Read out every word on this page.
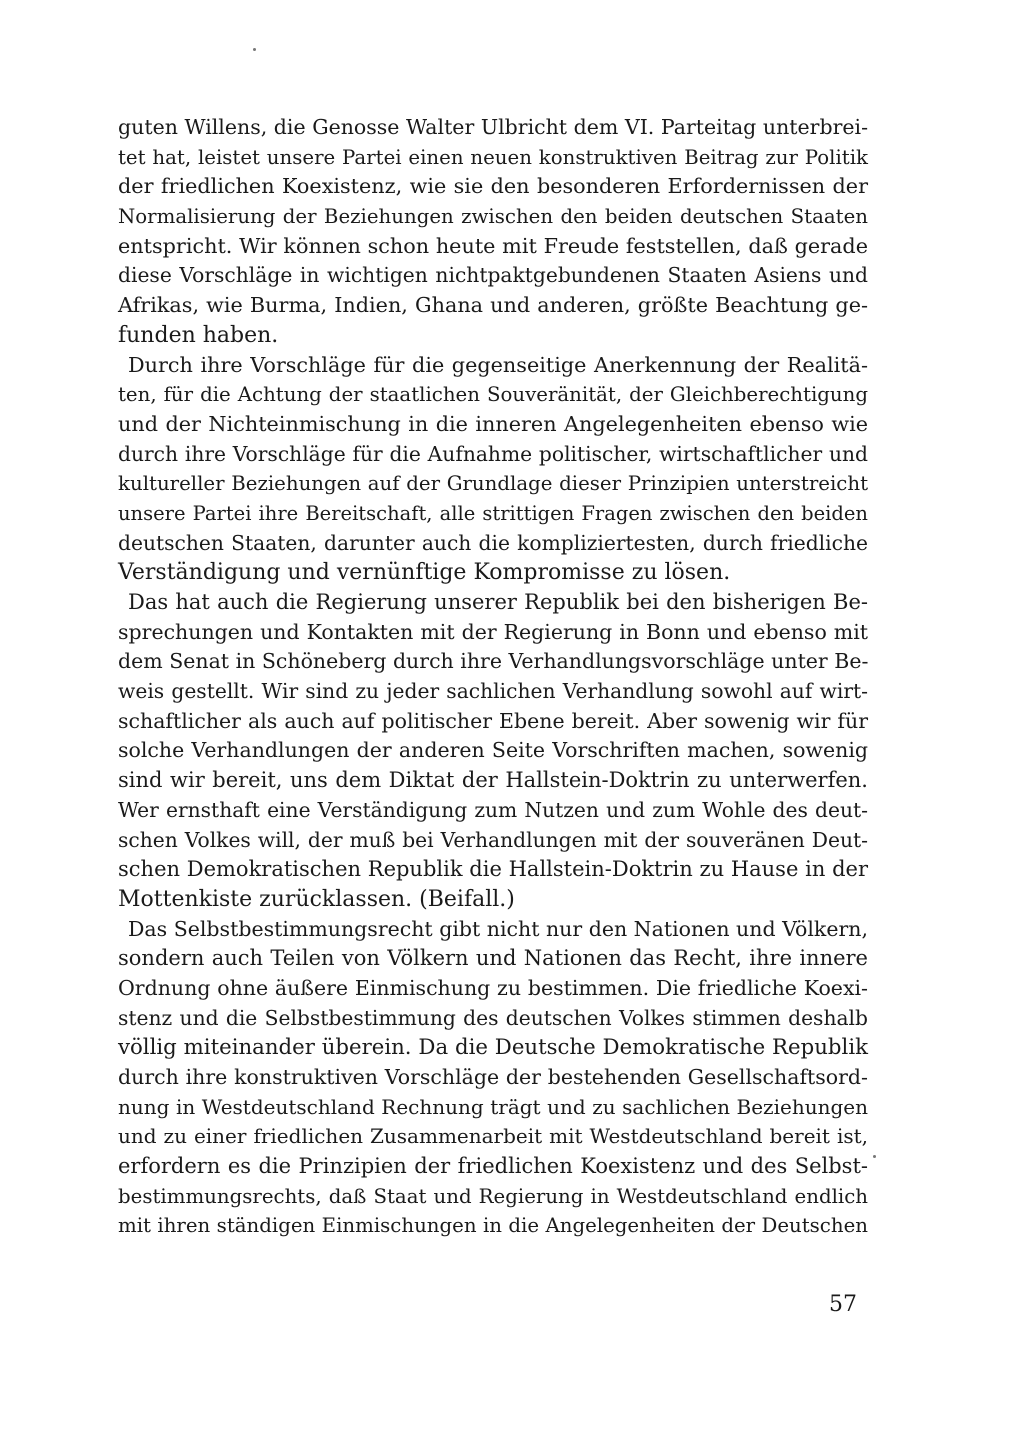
guten Willens, die Genosse Walter Ulbricht dem VI. Parteitag unterbrei-
tet hat, leistet unsere Partei einen neuen konstruktiven Beitrag zur Politik
der friedlichen Koexistenz, wie sie den besonderen Erfordernissen der
Normalisierung der Beziehungen zwischen den beiden deutschen Staaten
entspricht. Wir können schon heute mit Freude feststellen, daß gerade
diese Vorschläge in wichtigen nichtpaktgebundenen Staaten Asiens und
Afrikas, wie Burma, Indien, Ghana und anderen, größte Beachtung ge-
funden haben.
Durch ihre Vorschläge für die gegenseitige Anerkennung der Realitä-
ten, für die Achtung der staatlichen Souveränität, der Gleichberechtigung
und der Nichteinmischung in die inneren Angelegenheiten ebenso wie
durch ihre Vorschläge für die Aufnahme politischer, wirtschaftlicher und
kultureller Beziehungen auf der Grundlage dieser Prinzipien unterstreicht
unsere Partei ihre Bereitschaft, alle strittigen Fragen zwischen den beiden
deutschen Staaten, darunter auch die kompliziertesten, durch friedliche
Verständigung und vernünftige Kompromisse zu lösen.
Das hat auch die Regierung unserer Republik bei den bisherigen Be-
sprechungen und Kontakten mit der Regierung in Bonn und ebenso mit
dem Senat in Schöneberg durch ihre Verhandlungsvorschläge unter Be-
weis gestellt. Wir sind zu jeder sachlichen Verhandlung sowohl auf wirt-
schaftlicher als auch auf politischer Ebene bereit. Aber sowenig wir für
solche Verhandlungen der anderen Seite Vorschriften machen, sowenig
sind wir bereit, uns dem Diktat der Hallstein-Doktrin zu unterwerfen.
Wer ernsthaft eine Verständigung zum Nutzen und zum Wohle des deut-
schen Volkes will, der muß bei Verhandlungen mit der souveränen Deut-
schen Demokratischen Republik die Hallstein-Doktrin zu Hause in der
Mottenkiste zurücklassen. (Beifall.)
Das Selbstbestimmungsrecht gibt nicht nur den Nationen und Völkern,
sondern auch Teilen von Völkern und Nationen das Recht, ihre innere
Ordnung ohne äußere Einmischung zu bestimmen. Die friedliche Koexi-
stenz und die Selbstbestimmung des deutschen Volkes stimmen deshalb
völlig miteinander überein. Da die Deutsche Demokratische Republik
durch ihre konstruktiven Vorschläge der bestehenden Gesellschaftsord-
nung in Westdeutschland Rechnung trägt und zu sachlichen Beziehungen
und zu einer friedlichen Zusammenarbeit mit Westdeutschland bereit ist,
erfordern es die Prinzipien der friedlichen Koexistenz und des Selbst-
bestimmungsrechts, daß Staat und Regierung in Westdeutschland endlich
mit ihren ständigen Einmischungen in die Angelegenheiten der Deutschen
57
